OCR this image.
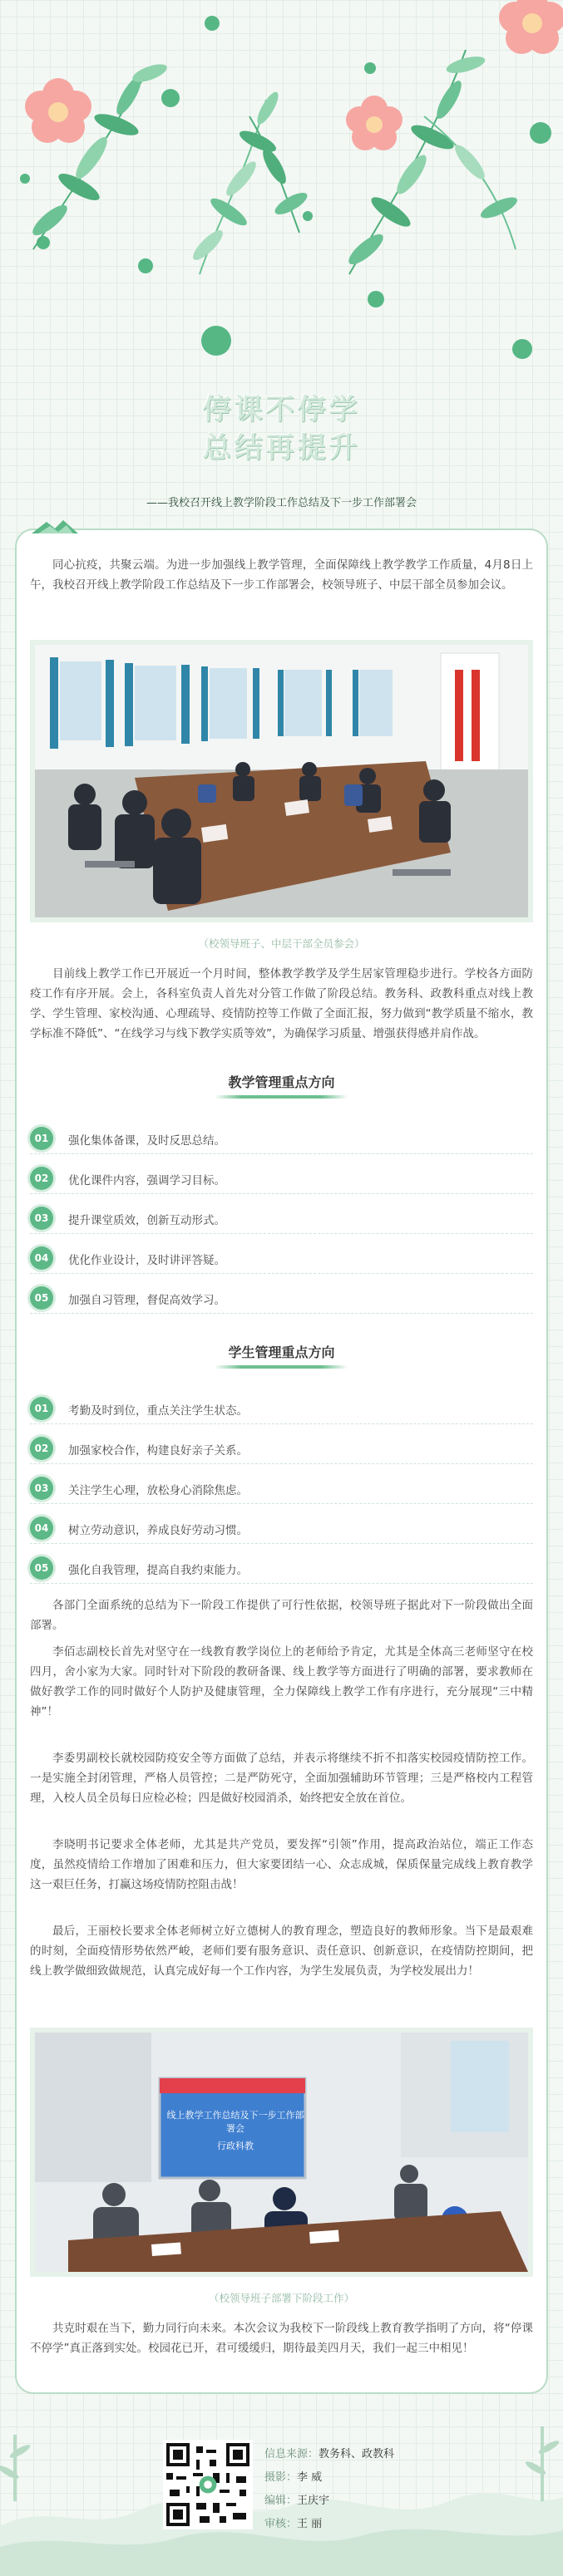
停课不停学
总结再提升
——我校召开线上教学阶段工作总结及下一步工作部署会

同心抗疫，共聚云端。为进一步加强线上教学管理，全面保障线上教学教学工作质量，4月8日上午，我校召开线上教学阶段工作总结及下一步工作部署会，校领导班子、中层干部全员参加会议。

（校领导班子、中层干部全员参会）

目前线上教学工作已开展近一个月时间，整体教学教学及学生居家管理稳步进行。学校各方面防疫工作有序开展。会上，各科室负责人首先对分管工作做了阶段总结。教务科、政教科重点对线上教学、学生管理、家校沟通、心理疏导、疫情防控等工作做了全面汇报，努力做到“教学质量不缩水，教学标准不降低”、“在线学习与线下教学实质等效”，为确保学习质量、增强获得感并肩作战。

教学管理重点方向
01	强化集体备课，及时反思总结。
02	优化课件内容，强调学习目标。
03	提升课堂质效，创新互动形式。
04	优化作业设计，及时讲评答疑。
05	加强自习管理，督促高效学习。
学生管理重点方向
01	考勤及时到位，重点关注学生状态。
02	加强家校合作，构建良好亲子关系。
03	关注学生心理，放松身心消除焦虑。
04	树立劳动意识，养成良好劳动习惯。
05	强化自我管理，提高自我约束能力。

各部门全面系统的总结为下一阶段工作提供了可行性依据，校领导班子据此对下一阶段做出全面部署。

李佰志副校长首先对坚守在一线教育教学岗位上的老师给予肯定，尤其是全体高三老师坚守在校四月，舍小家为大家。同时针对下阶段的教研备课、线上教学等方面进行了明确的部署，要求教师在做好教学工作的同时做好个人防护及健康管理，全力保障线上教学工作有序进行，充分展现“三中精神”！

李委男副校长就校园防疫安全等方面做了总结，并表示将继续不折不扣落实校园疫情防控工作。一是实施全封闭管理，严格人员管控；二是严防死守，全面加强辅助环节管理；三是严格校内工程管理，入校人员全员每日应检必检；四是做好校园消杀，始终把安全放在首位。

李晓明书记要求全体老师，尤其是共产党员，要发挥“引领”作用，提高政治站位，端正工作态度，虽然疫情给工作增加了困难和压力，但大家要团结一心、众志成城，保质保量完成线上教育教学这一艰巨任务，打赢这场疫情防控阻击战！

最后，王丽校长要求全体老师树立好立德树人的教育理念，塑造良好的教师形象。当下是最艰难的时刻，全面疫情形势依然严峻，老师们要有服务意识、责任意识、创新意识，在疫情防控期间，把线上教学做细致做规范，认真完成好每一个工作内容，为学生发展负责，为学校发展出力！

线上教学工作总结及下一步工作部署会
行政科教
（校领导班子部署下阶段工作）

共克时艰在当下，勤力同行向未来。本次会议为我校下一阶段线上教育教学指明了方向，将“停课不停学”真正落到实处。校园花已开，君可缓缓归，期待最美四月天，我们一起三中相见！

信息来源：教务科、政教科
摄影：李 威
编辑：王庆宇
审核：王 丽
